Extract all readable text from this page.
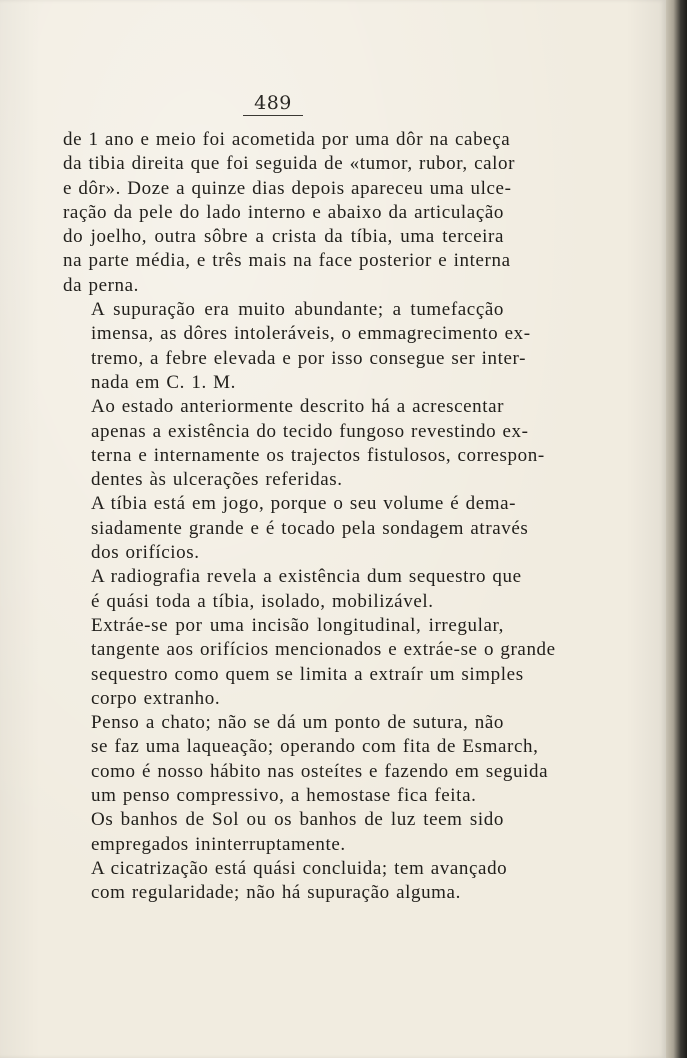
489

de 1 ano e meio foi acometida por uma dôr na cabeça
da tibia direita que foi seguida de «tumor, rubor, calor
e dôr». Doze a quinze dias depois apareceu uma ulce-
ração da pele do lado interno e abaixo da articulação
do joelho, outra sôbre a crista da tíbia, uma terceira
na parte média, e três mais na face posterior e interna
da perna.

A supuração era muito abundante; a tumefacção
imensa, as dôres intoleráveis, o emmagrecimento ex-
tremo, a febre elevada e por isso consegue ser inter-
nada em C. 1. M.

Ao estado anteriormente descrito há a acrescentar
apenas a existência do tecido fungoso revestindo ex-
terna e internamente os trajectos fistulosos, correspon-
dentes às ulcerações referidas.

A tíbia está em jogo, porque o seu volume é dema-
siadamente grande e é tocado pela sondagem através
dos orifícios.

A radiografia revela a existência dum sequestro que
é quási toda a tíbia, isolado, mobilizável.

Extráe-se por uma incisão longitudinal, irregular,
tangente aos orifícios mencionados e extráe-se o grande
sequestro como quem se limita a extraír um simples
corpo extranho.

Penso a chato; não se dá um ponto de sutura, não
se faz uma laqueação; operando com fita de Esmarch,
como é nosso hábito nas osteítes e fazendo em seguida
um penso compressivo, a hemostase fica feita.

Os banhos de Sol ou os banhos de luz teem sido
empregados ininterruptamente.

A cicatrização está quási concluida; tem avançado
com regularidade; não há supuração alguma.
